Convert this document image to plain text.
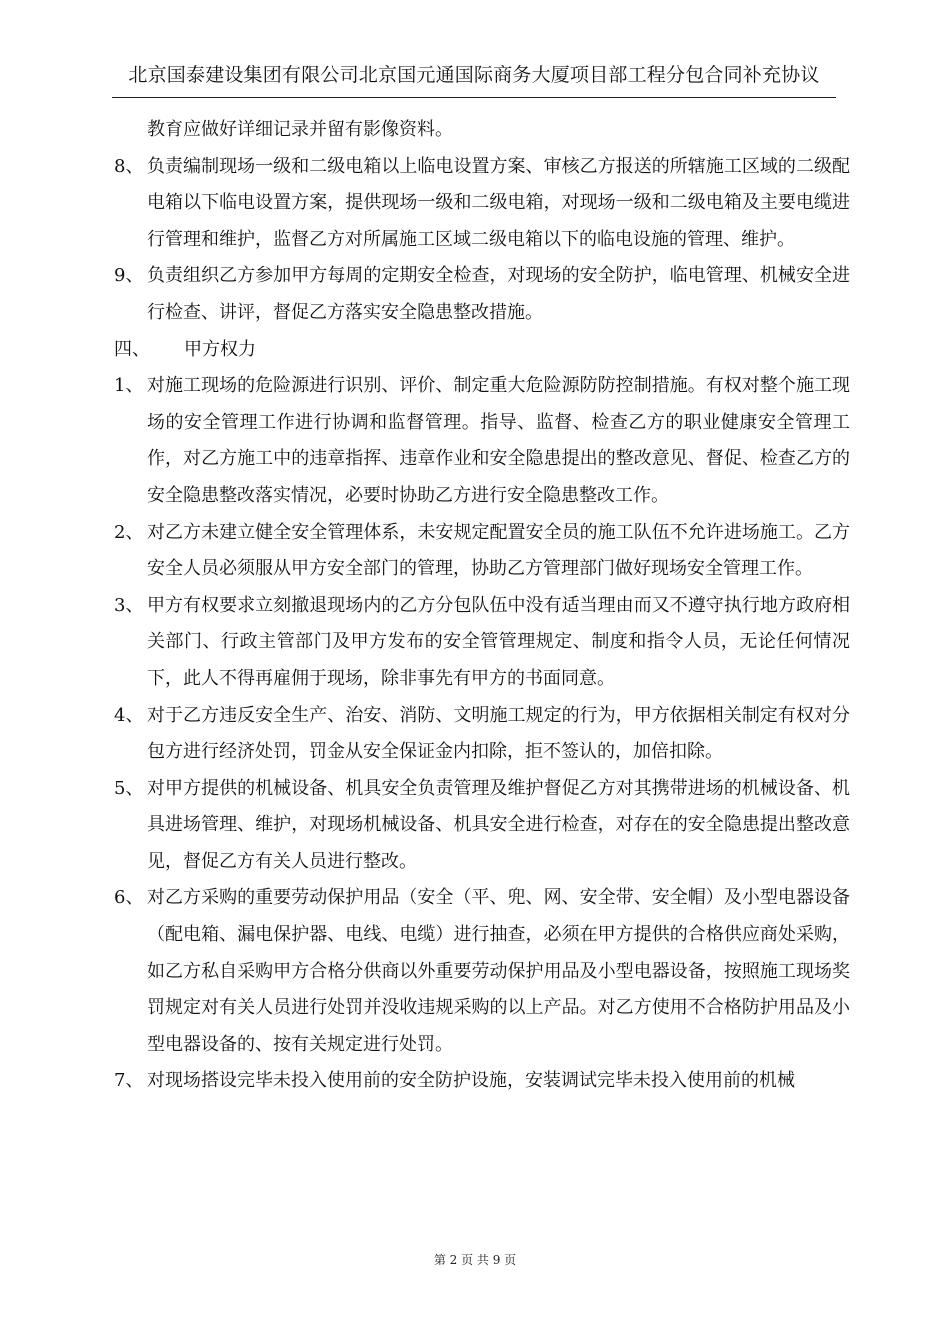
北京国泰建设集团有限公司北京国元通国际商务大厦项目部工程分包合同补充协议

教育应做好详细记录并留有影像资料。

8、 负责编制现场一级和二级电箱以上临电设置方案、审核乙方报送的所辖施工区域的二级配电箱以下临电设置方案，提供现场一级和二级电箱，对现场一级和二级电箱及主要电缆进行管理和维护，监督乙方对所属施工区域二级电箱以下的临电设施的管理、维护。

9、 负责组织乙方参加甲方每周的定期安全检查，对现场的安全防护，临电管理、机械安全进行检查、讲评，督促乙方落实安全隐患整改措施。

四、 甲方权力

1、 对施工现场的危险源进行识别、评价、制定重大危险源防防控制措施。有权对整个施工现场的安全管理工作进行协调和监督管理。指导、监督、检查乙方的职业健康安全管理工作，对乙方施工中的违章指挥、违章作业和安全隐患提出的整改意见、督促、检查乙方的安全隐患整改落实情况，必要时协助乙方进行安全隐患整改工作。

2、 对乙方未建立健全安全管理体系，未安规定配置安全员的施工队伍不允许进场施工。乙方安全人员必须服从甲方安全部门的管理，协助乙方管理部门做好现场安全管理工作。

3、 甲方有权要求立刻撤退现场内的乙方分包队伍中没有适当理由而又不遵守执行地方政府相关部门、行政主管部门及甲方发布的安全管管理规定、制度和指令人员，无论任何情况下，此人不得再雇佣于现场，除非事先有甲方的书面同意。

4、 对于乙方违反安全生产、治安、消防、文明施工规定的行为，甲方依据相关制定有权对分包方进行经济处罚，罚金从安全保证金内扣除，拒不签认的，加倍扣除。

5、 对甲方提供的机械设备、机具安全负责管理及维护督促乙方对其携带进场的机械设备、机具进场管理、维护，对现场机械设备、机具安全进行检查，对存在的安全隐患提出整改意见，督促乙方有关人员进行整改。

6、 对乙方采购的重要劳动保护用品（安全（平、兜、网、安全带、安全帽）及小型电器设备（配电箱、漏电保护器、电线、电缆）进行抽查，必须在甲方提供的合格供应商处采购，如乙方私自采购甲方合格分供商以外重要劳动保护用品及小型电器设备，按照施工现场奖罚规定对有关人员进行处罚并没收违规采购的以上产品。对乙方使用不合格防护用品及小型电器设备的、按有关规定进行处罚。

7、 对现场搭设完毕未投入使用前的安全防护设施，安装调试完毕未投入使用前的机械

第 2 页 共 9 页
